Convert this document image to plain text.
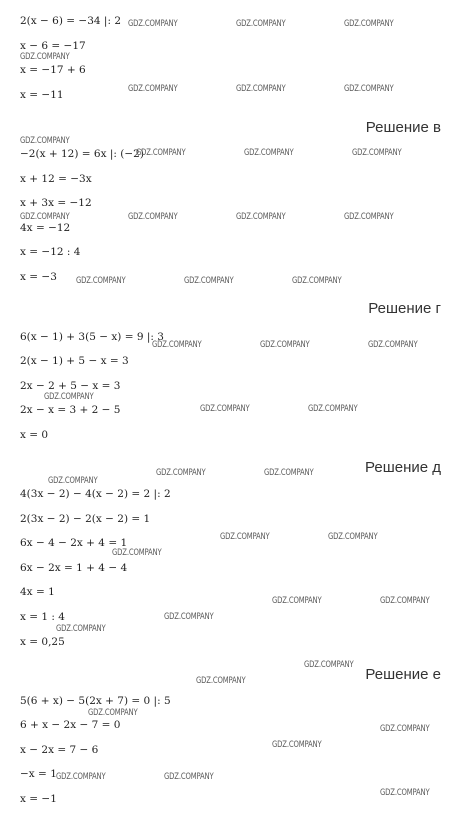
2(x − 6) = −34 |: 2
x − 6 = −17
x = −17 + 6
x = −11
Решение в
−2(x + 12) = 6x |: (−2)
x + 12 = −3x
x + 3x = −12
4x = −12
x = −12 : 4
x = −3
Решение г
6(x − 1) + 3(5 − x) = 9 |: 3
2(x − 1) + 5 − x = 3
2x − 2 + 5 − x = 3
2x − x = 3 + 2 − 5
x = 0
Решение д
4(3x − 2) − 4(x − 2) = 2 |: 2
2(3x − 2) − 2(x − 2) = 1
6x − 4 − 2x + 4 = 1
6x − 2x = 1 + 4 − 4
4x = 1
x = 1 : 4
x = 0,25
Решение е
5(6 + x) − 5(2x + 7) = 0 |: 5
6 + x − 2x − 7 = 0
x − 2x = 7 − 6
−x = 1
x = −1
GDZ.COMPANY	GDZ.COMPANY	GDZ.COMPANY
GDZ.COMPANY
GDZ.COMPANY	GDZ.COMPANY	GDZ.COMPANY
GDZ.COMPANY
GDZ.COMPANY	GDZ.COMPANY	GDZ.COMPANY
GDZ.COMPANY	GDZ.COMPANY	GDZ.COMPANY	GDZ.COMPANY
GDZ.COMPANY	GDZ.COMPANY	GDZ.COMPANY
GDZ.COMPANY	GDZ.COMPANY	GDZ.COMPANY
GDZ.COMPANY
GDZ.COMPANY	GDZ.COMPANY
GDZ.COMPANY	GDZ.COMPANY
GDZ.COMPANY
GDZ.COMPANY	GDZ.COMPANY
GDZ.COMPANY
GDZ.COMPANY	GDZ.COMPANY
GDZ.COMPANY
GDZ.COMPANY
GDZ.COMPANY
GDZ.COMPANY
GDZ.COMPANY
GDZ.COMPANY
GDZ.COMPANY
GDZ.COMPANY	GDZ.COMPANY
GDZ.COMPANY
